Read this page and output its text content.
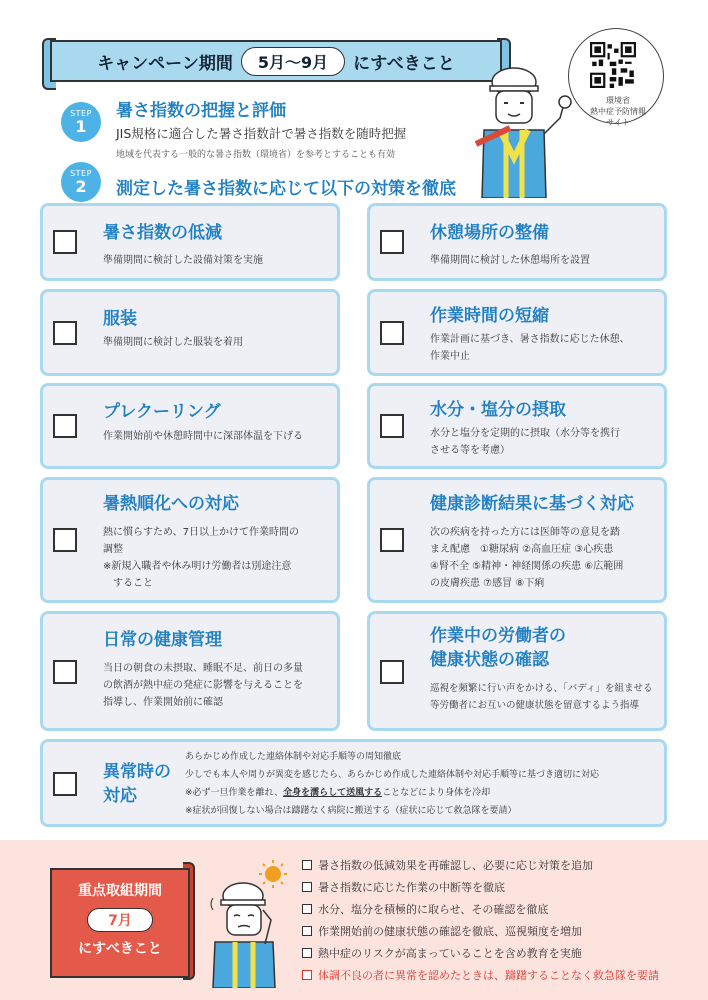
キャンペーン期間	5月～9月	にすべきこと
環境省
熱中症予防情報
サイト
STEP
1
暑さ指数の把握と評価
JIS規格に適合した暑さ指数計で暑さ指数を随時把握
地域を代表する一般的な暑さ指数（環境省）を参考とすることも有効
STEP
2	測定した暑さ指数に応じて以下の対策を徹底
暑さ指数の低減
準備期間に検討した設備対策を実施
休憩場所の整備
準備期間に検討した休憩場所を設置
服装
準備期間に検討した服装を着用
作業時間の短縮
作業計画に基づき、暑さ指数に応じた休憩、
作業中止
プレクーリング
作業開始前や休憩時間中に深部体温を下げる
水分・塩分の摂取
水分と塩分を定期的に摂取（水分等を携行
させる等を考慮）
暑熱順化への対応
熱に慣らすため、7日以上かけて作業時間の
調整
※新規入職者や休み明け労働者は別途注意
　すること
健康診断結果に基づく対応
次の疾病を持った方には医師等の意見を踏
まえ配慮　①糖尿病 ②高血圧症 ③心疾患
④腎不全 ⑤精神・神経関係の疾患 ⑥広範囲
の皮膚疾患 ⑦感冒 ⑧下痢
日常の健康管理
当日の朝食の未摂取、睡眠不足、前日の多量
の飲酒が熱中症の発症に影響を与えることを
指導し、作業開始前に確認
作業中の労働者の
健康状態の確認
巡視を頻繁に行い声をかける、「バディ」を組ませる
等労働者にお互いの健康状態を留意するよう指導
異常時の
対応
あらかじめ作成した連絡体制や対応手順等の周知徹底
少しでも本人や周りが異変を感じたら、あらかじめ作成した連絡体制や対応手順等に基づき適切に対応
※必ず一旦作業を離れ、全身を濡らして送風することなどにより身体を冷却
※症状が回復しない場合は躊躇なく病院に搬送する（症状に応じて救急隊を要請）
重点取組期間
7月
にすべきこと
暑さ指数の低減効果を再確認し、必要に応じ対策を追加
暑さ指数に応じた作業の中断等を徹底
水分、塩分を積極的に取らせ、その確認を徹底
作業開始前の健康状態の確認を徹底、巡視頻度を増加
熱中症のリスクが高まっていることを含め教育を実施
体調不良の者に異常を認めたときは、躊躇することなく救急隊を要請
